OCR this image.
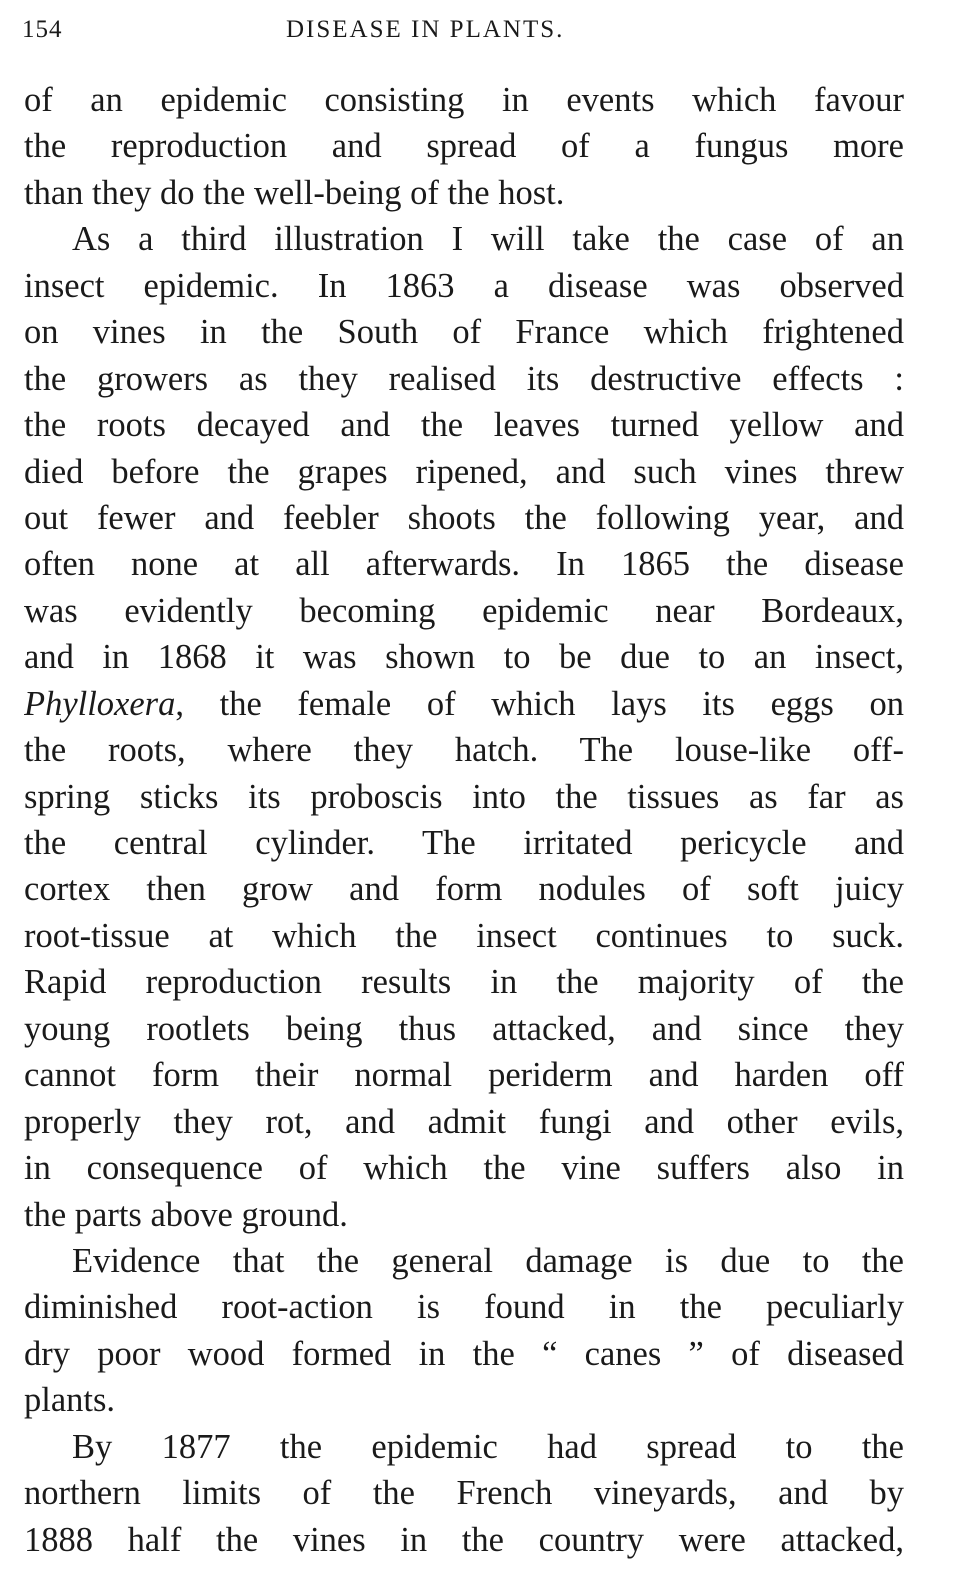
154	DISEASE IN PLANTS.
of an epidemic consisting in events which favour
the reproduction and spread of a fungus more
than they do the well-being of the host.
As a third illustration I will take the case of an
insect epidemic. In 1863 a disease was observed
on vines in the South of France which frightened
the growers as they realised its destructive effects :
the roots decayed and the leaves turned yellow and
died before the grapes ripened, and such vines threw
out fewer and feebler shoots the following year, and
often none at all afterwards. In 1865 the disease
was evidently becoming epidemic near Bordeaux,
and in 1868 it was shown to be due to an insect,
Phylloxera, the female of which lays its eggs on
the roots, where they hatch. The louse-like off-
spring sticks its proboscis into the tissues as far as
the central cylinder. The irritated pericycle and
cortex then grow and form nodules of soft juicy
root-tissue at which the insect continues to suck.
Rapid reproduction results in the majority of the
young rootlets being thus attacked, and since they
cannot form their normal periderm and harden off
properly they rot, and admit fungi and other evils,
in consequence of which the vine suffers also in
the parts above ground.
Evidence that the general damage is due to the
diminished root-action is found in the peculiarly
dry poor wood formed in the “ canes ” of diseased
plants.
By 1877 the epidemic had spread to the
northern limits of the French vineyards, and by
1888 half the vines in the country were attacked,
